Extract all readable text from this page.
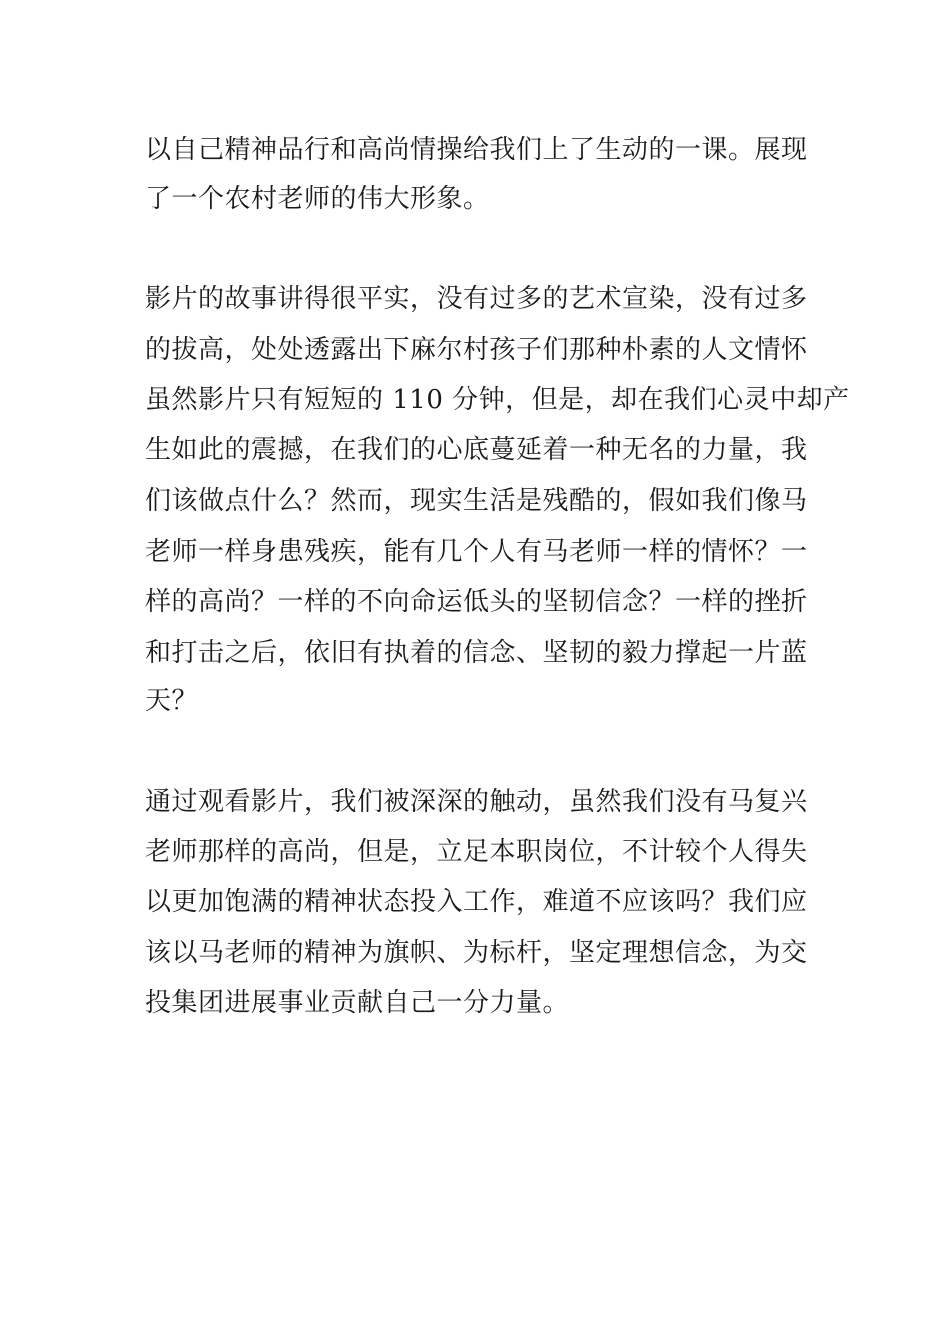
以自己精神品行和高尚情操给我们上了生动的一课。展现
了一个农村老师的伟大形象。
影片的故事讲得很平实，没有过多的艺术宣染，没有过多
的拔高，处处透露出下麻尔村孩子们那种朴素的人文情怀
虽然影片只有短短的 110 分钟，但是，却在我们心灵中却产
生如此的震撼，在我们的心底蔓延着一种无名的力量，我
们该做点什么？然而，现实生活是残酷的，假如我们像马
老师一样身患残疾，能有几个人有马老师一样的情怀？一
样的高尚？一样的不向命运低头的坚韧信念？一样的挫折
和打击之后，依旧有执着的信念、坚韧的毅力撑起一片蓝
天？
通过观看影片，我们被深深的触动，虽然我们没有马复兴
老师那样的高尚，但是，立足本职岗位，不计较个人得失
以更加饱满的精神状态投入工作，难道不应该吗？我们应
该以马老师的精神为旗帜、为标杆，坚定理想信念，为交
投集团进展事业贡献自己一分力量。
